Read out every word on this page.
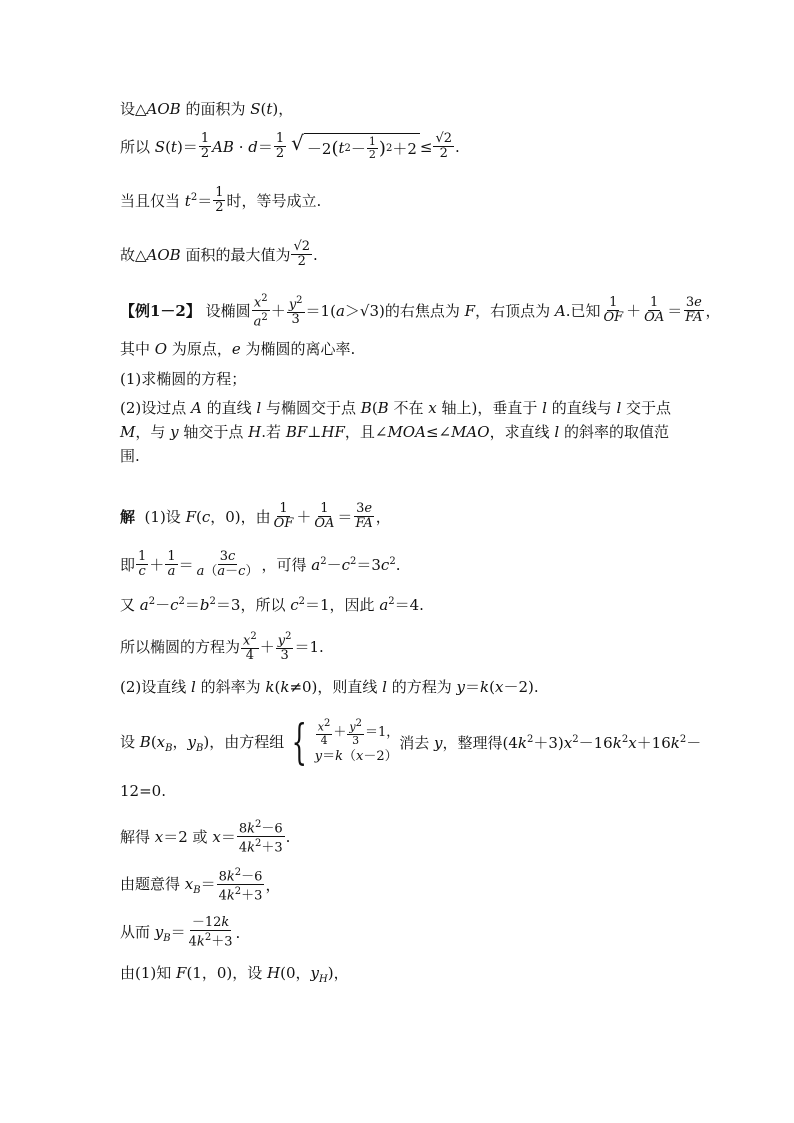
设△AOB 的面积为 S(t)，
所以 $S(t)= \frac{1}{2}$ AB · $d= \frac{1}{2}$ √ －2 ( t $2 - \frac{1}{2}$ ) $2 +2 \le \frac{√2}{2}$ .
当且仅当 $t^2= \frac{1}{2}$ 时，等号成立.
故△AOB 面积的最大值为 $\frac{√2}{2}$ .
【例1－2】 设椭圆 $\frac{x^2}{a^2} + \frac{y^2}{3} =1(a>√3)$的右焦点为 F，右顶点为 A.已知 $\frac{1}{OF} + \frac{1}{OA} = \frac{3e}{FA}$ ，
其中 O 为原点，e 为椭圆的离心率.
(1)求椭圆的方程；
(2)设过点 A 的直线 l 与椭圆交于点 B(B 不在 x 轴上)，垂直于 l 的直线与 l 交于点 M，与 y 轴交于点 H.若 BF⊥HF，且∠MOA≤∠MAO，求直线 l 的斜率的取值范围.
解 (1)设 F(c，0)，由 $\frac{1}{OF} + \frac{1}{OA} = \frac{3e}{FA}$ ，
即 $\frac{1}{c} + \frac{1}{a} = \frac{3c}{a(a-c)}$ ，可得 $a^2-c^2=3c^2$.
又 $a^2-c^2=b^2=3$，所以 $c^2=1$，因此 $a^2=4$.
所以椭圆的方程为 $\frac{x^2}{4} + \frac{y^2}{3} =1$.
(2)设直线 l 的斜率为 k(k≠0)，则直线 l 的方程为 y＝k(x－2).
设 $B(x_B$，$y_B$)，由方程组 { $\frac{x^2}{4} + \frac{y^2}{3} =1$，
y＝k（x－2）
消去 y，整理得$(4k^2+3)x^2-16k^2x+16k^2-$
12=0.
解得 x＝2 或 $x= \frac{8k^2-6}{4k^2+3}$ .
由题意得 $x_B= \frac{8k^2-6}{4k^2+3}$ ，
从而 $y_B= \frac{-12k}{4k^2+3}$ .
由(1)知 F(1，0)，设 H(0，$y_H$)，
